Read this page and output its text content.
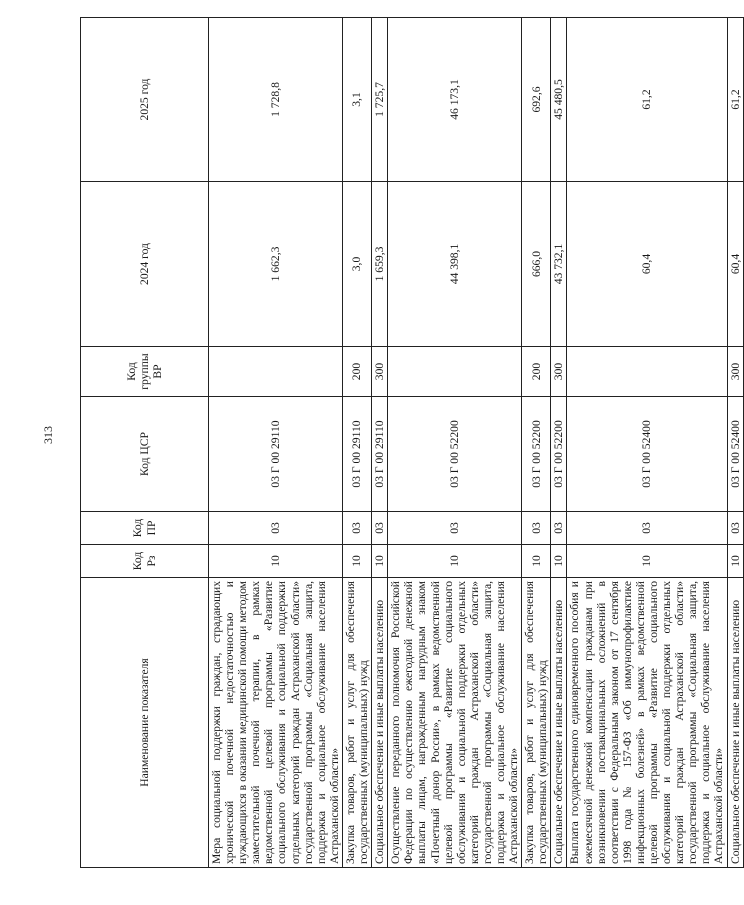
313
Наименование показателя	Код Рз	Код ПР	Код ЦСР	Код группы ВР	2024 год	2025 год
Мера социальной поддержки граждан, страдающих хронической почечной недостаточностью и нуждающихся в оказании медицинской помощи методом заместительной почечной терапии, в рамках ведомственной целевой программы «Развитие социального обслуживания и социальной поддержки отдельных категорий граждан Астраханской области» государственной программы «Социальная защита, поддержка и социальное обслуживание населения Астраханской области»	10	03	03 Г 00 29110		1 662,3	1 728,8
Закупка товаров, работ и услуг для обеспечения государственных (муниципальных) нужд	10	03	03 Г 00 29110	200	3,0	3,1
Социальное обеспечение и иные выплаты населению	10	03	03 Г 00 29110	300	1 659,3	1 725,7
Осуществление переданного полномочия Российской Федерации по осуществлению ежегодной денежной выплаты лицам, награжденным нагрудным знаком «Почетный донор России», в рамках ведомственной целевой программы «Развитие социального обслуживания и социальной поддержки отдельных категорий граждан Астраханской области» государственной программы «Социальная защита, поддержка и социальное обслуживание населения Астраханской области»	10	03	03 Г 00 52200		44 398,1	46 173,1
Закупка товаров, работ и услуг для обеспечения государственных (муниципальных) нужд	10	03	03 Г 00 52200	200	666,0	692,6
Социальное обеспечение и иные выплаты населению	10	03	03 Г 00 52200	300	43 732,1	45 480,5
Выплата государственного единовременного пособия и ежемесячной денежной компенсации гражданам при возникновении поствакцинальных осложнений в соответствии с Федеральным законом от 17 сентября 1998 года № 157-ФЗ «Об иммунопрофилактике инфекционных болезней» в рамках ведомственной целевой программы «Развитие социального обслуживания и социальной поддержки отдельных категорий граждан Астраханской области» государственной программы «Социальная защита, поддержка и социальное обслуживание населения Астраханской области»	10	03	03 Г 00 52400		60,4	61,2
Социальное обеспечение и иные выплаты населению	10	03	03 Г 00 52400	300	60,4	61,2
